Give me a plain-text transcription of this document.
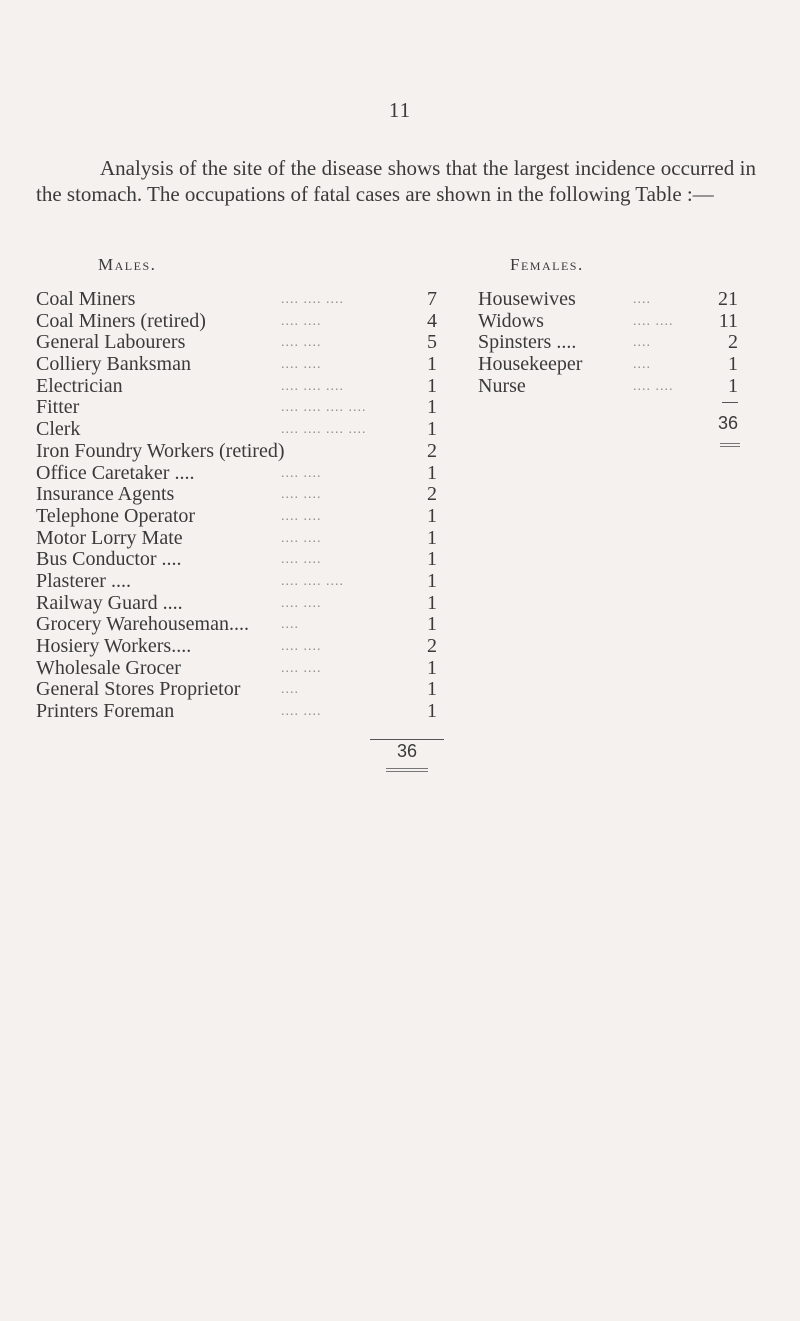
11
Analysis of the site of the disease shows that the largest incidence occurred in the stomach. The occupations of fatal cases are shown in the following Table :—
Males.	Females.
Coal Miners	.... .... ....	7
Coal Miners (retired)	.... ....	4
General Labourers	.... ....	5
Colliery Banksman	.... ....	1
Electrician	.... .... ....	1
Fitter	.... .... .... ....	1
Clerk	.... .... .... ....	1
Iron Foundry Workers (retired)	2
Office Caretaker ....	.... ....	1
Insurance Agents	.... ....	2
Telephone Operator	.... ....	1
Motor Lorry Mate	.... ....	1
Bus Conductor ....	.... ....	1
Plasterer ....	.... .... ....	1
Railway Guard ....	.... ....	1
Grocery Warehouseman.... ....	1
Hosiery Workers....	.... ....	2
Wholesale Grocer	.... ....	1
General Stores Proprietor	....	1
Printers Foreman	.... ....	1
36
Housewives	....	21
Widows	.... ....	11
Spinsters ....	....	2
Housekeeper	....	1
Nurse	.... ....	1
36
